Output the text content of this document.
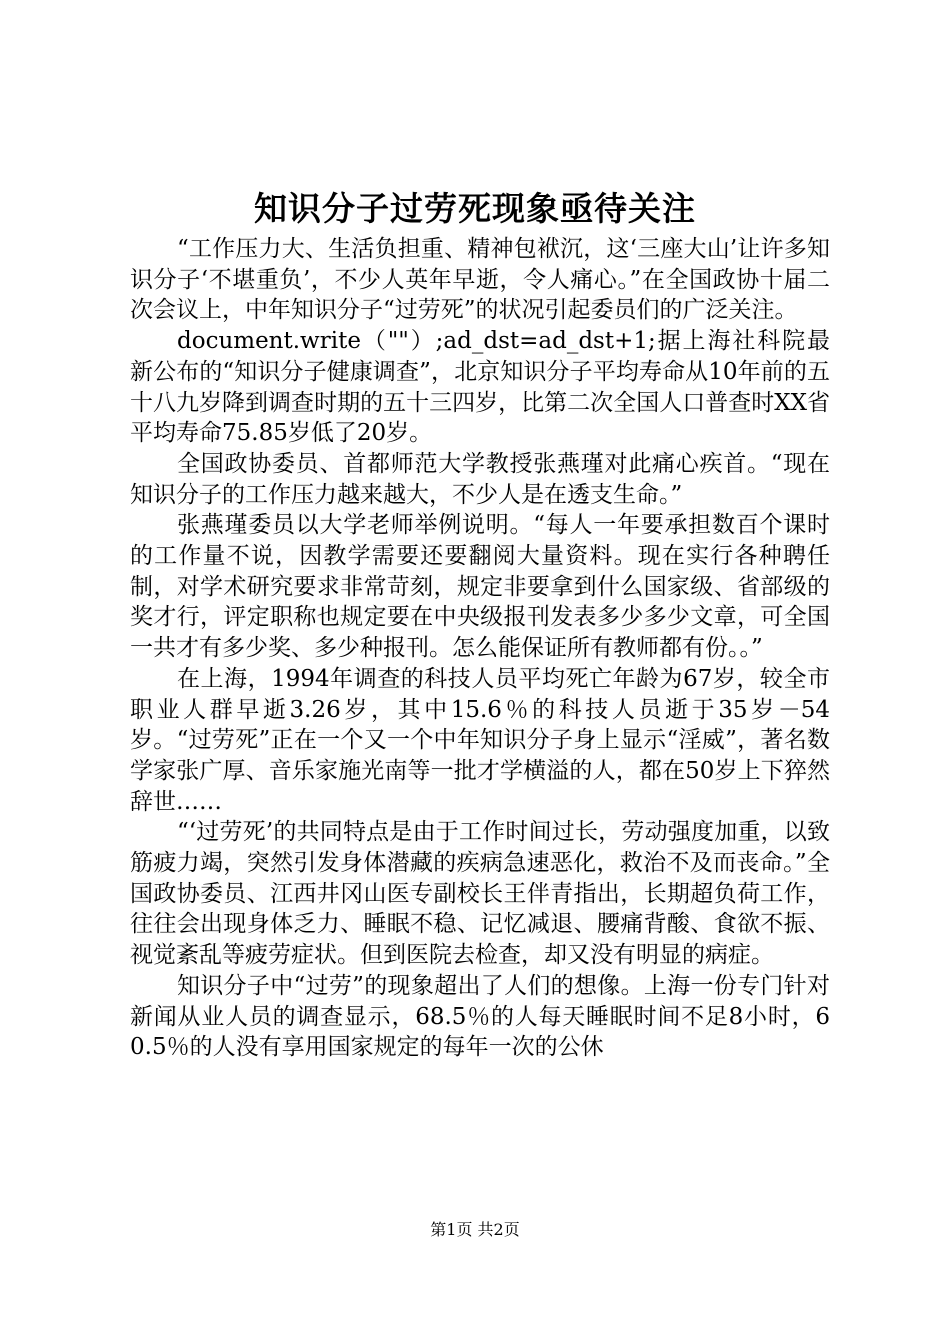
知识分子过劳死现象亟待关注

“工作压力大、生活负担重、精神包袱沉，这‘三座大山’让许多知识分子‘不堪重负’，不少人英年早逝，令人痛心。”在全国政协十届二次会议上，中年知识分子“过劳死”的状况引起委员们的广泛关注。

document.write（""）;ad_dst=ad_dst+1;据上海社科院最新公布的“知识分子健康调查”，北京知识分子平均寿命从10年前的五十八九岁降到调查时期的五十三四岁，比第二次全国人口普查时XX省平均寿命75.85岁低了20岁。

全国政协委员、首都师范大学教授张燕瑾对此痛心疾首。“现在知识分子的工作压力越来越大，不少人是在透支生命。”

张燕瑾委员以大学老师举例说明。“每人一年要承担数百个课时的工作量不说，因教学需要还要翻阅大量资料。现在实行各种聘任制，对学术研究要求非常苛刻，规定非要拿到什么国家级、省部级的奖才行，评定职称也规定要在中央级报刊发表多少多少文章，可全国一共才有多少奖、多少种报刊。怎么能保证所有教师都有份。。”

在上海，1994年调查的科技人员平均死亡年龄为67岁，较全市职业人群早逝3.26岁，其中15.6％的科技人员逝于35岁－54岁。“过劳死”正在一个又一个中年知识分子身上显示“淫威”，著名数学家张广厚、音乐家施光南等一批才学横溢的人，都在50岁上下猝然辞世……

“‘过劳死’的共同特点是由于工作时间过长，劳动强度加重，以致筋疲力竭，突然引发身体潜藏的疾病急速恶化，救治不及而丧命。”全国政协委员、江西井冈山医专副校长王伴青指出，长期超负荷工作，往往会出现身体乏力、睡眠不稳、记忆减退、腰痛背酸、食欲不振、视觉紊乱等疲劳症状。但到医院去检查，却又没有明显的病症。

知识分子中“过劳”的现象超出了人们的想像。上海一份专门针对新闻从业人员的调查显示，68.5％的人每天睡眠时间不足8小时，60.5％的人没有享用国家规定的每年一次的公休

第1页 共2页
